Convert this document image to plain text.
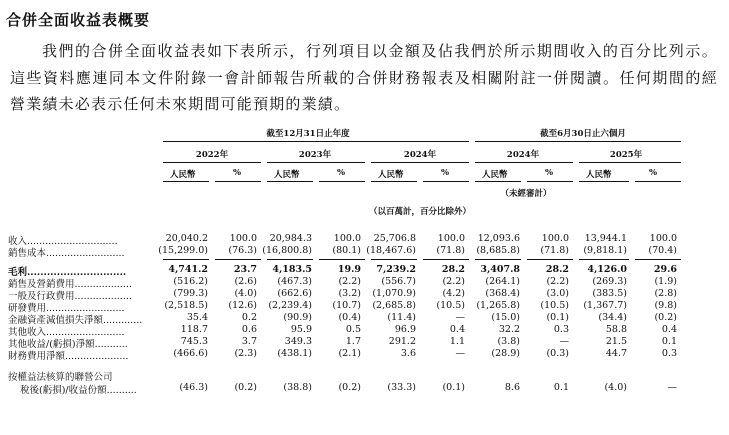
合併全面收益表概要
我們的合併全面收益表如下表所示，行列項目以金額及佔我們於所示期間收入的百分比列示。這些資料應連同本文件附錄一會計師報告所載的合併財務報表及相關附註一併閱讀。任何期間的經營業績未必表示任何未來期間可能預期的業績。
截至12月31日止年度	截至6月30日止六個月
2022年	2023年	2024年	2024年	2025年
人民幣	%	人民幣	%	人民幣	%	人民幣	%	人民幣	%
（未經審計）
（以百萬計，百分比除外）
收入..............................	20,040.2 100.0 20,984.3 100.0 25,706.8 100.0 12,093.6 100.0 13,944.1 100.0
銷售成本..........................	(15,299.0) (76.3) (16,800.8) (80.1) (18,467.6) (71.8) (8,685.8) (71.8) (9,818.1) (70.4)
毛利..............................	4,741.2	23.7 4,183.5	19.9 7,239.2	28.2 3,407.8	28.2 4,126.0	29.6
銷售及營銷費用...................	(516.2)	(2.6) (467.3)	(2.2) (556.7)	(2.2) (264.1)	(2.2) (269.3)	(1.9)
一般及行政費用...................	(799.3)	(4.0) (662.6)	(3.2) (1,070.9)	(4.2) (368.4)	(3.0) (383.5)	(2.8)
研發費用..........................	(2,518.5) (12.6) (2,239.4) (10.7) (2,685.8) (10.5) (1,265.8) (10.5) (1,367.7)	(9.8)
金融資產減值損失淨額.............	35.4	0.2	(90.9)	(0.4)	(11.4)	—	(15.0)	(0.1)	(34.4)	(0.2)
其他收入..........................	118.7	0.6	95.9	0.5	96.9	0.4	32.2	0.3	58.8	0.4
其他收益/(虧損)淨額...........	745.3	3.7	349.3	1.7	291.2	1.1	(3.8)	—	21.5	0.1
財務費用淨額.....................	(466.6)	(2.3) (438.1)	(2.1)	3.6	—	(28.9)	(0.3)	44.7	0.3
按權益法核算的聯營公司
稅後(虧損)/收益份額..........	(46.3)	(0.2)	(38.8)	(0.2)	(33.3)	(0.1)	8.6	0.1	(4.0)	—
